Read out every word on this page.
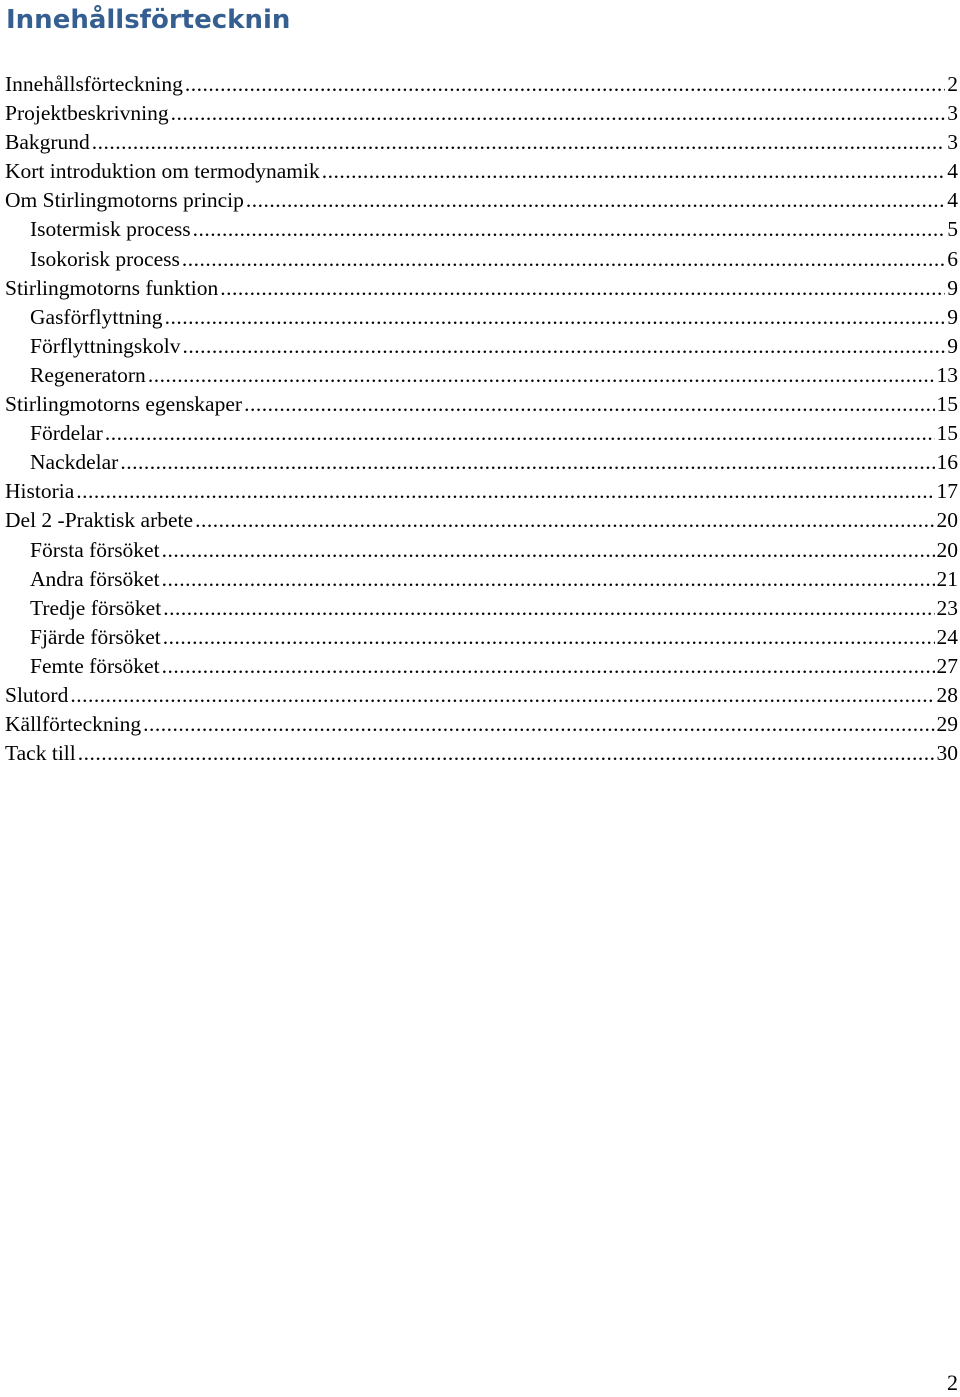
Innehållsförtecknin
Innehållsförteckning .....	2
Projektbeskrivning .....	3
Bakgrund .....	3
Kort introduktion om termodynamik .....	4
Om Stirlingmotorns princip .....	4
Isotermisk process .....	5
Isokorisk process .....	6
Stirlingmotorns funktion .....	9
Gasförflyttning .....	9
Förflyttningskolv .....	9
Regeneratorn .....	13
Stirlingmotorns egenskaper .....	15
Fördelar .....	15
Nackdelar .....	16
Historia .....	17
Del 2 -Praktisk arbete .....	20
Första försöket .....	20
Andra försöket .....	21
Tredje försöket .....	23
Fjärde försöket .....	24
Femte försöket .....	27
Slutord .....	28
Källförteckning .....	29
Tack till .....	30
2
